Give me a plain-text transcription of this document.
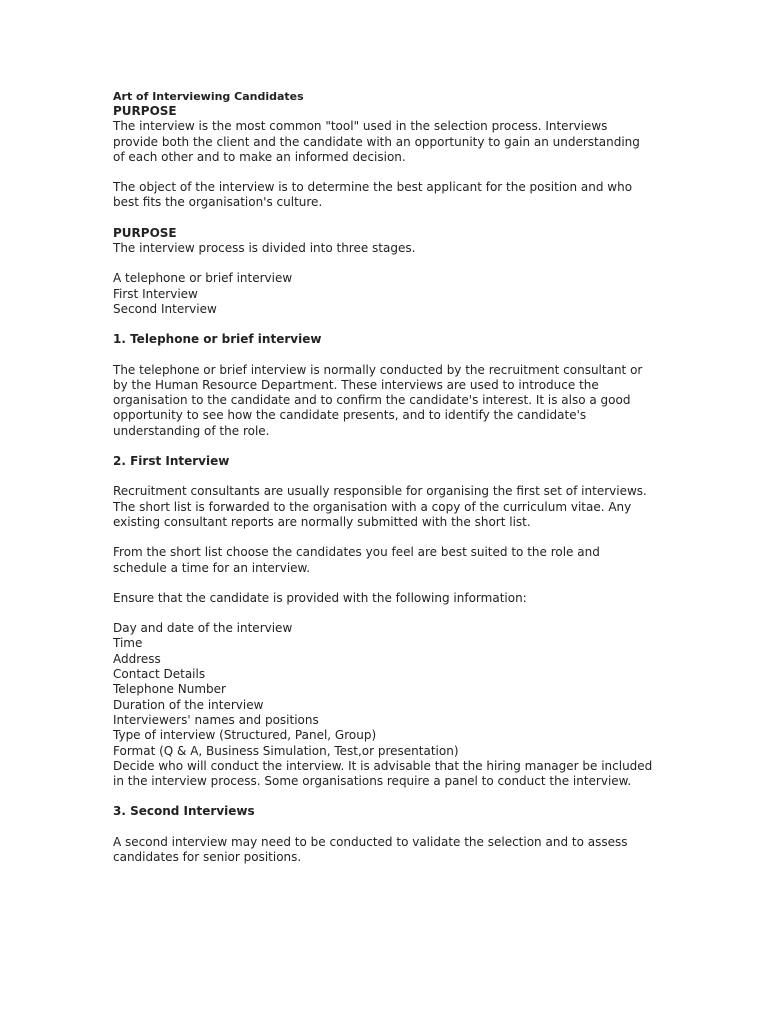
Art of Interviewing Candidates

PURPOSE

The interview is the most common "tool" used in the selection process. Interviews provide both the client and the candidate with an opportunity to gain an understanding of each other and to make an informed decision.

The object of the interview is to determine the best applicant for the position and who best fits the organisation's culture.

PURPOSE

The interview process is divided into three stages.

A telephone or brief interview
First Interview
Second Interview

1. Telephone or brief interview

The telephone or brief interview is normally conducted by the recruitment consultant or by the Human Resource Department. These interviews are used to introduce the organisation to the candidate and to confirm the candidate's interest. It is also a good opportunity to see how the candidate presents, and to identify the candidate's understanding of the role.

2. First Interview

Recruitment consultants are usually responsible for organising the first set of interviews. The short list is forwarded to the organisation with a copy of the curriculum vitae. Any existing consultant reports are normally submitted with the short list.

From the short list choose the candidates you feel are best suited to the role and schedule a time for an interview.

Ensure that the candidate is provided with the following information:

Day and date of the interview
Time
Address
Contact Details
Telephone Number
Duration of the interview
Interviewers' names and positions
Type of interview (Structured, Panel, Group)
Format (Q & A, Business Simulation, Test,or presentation)

Decide who will conduct the interview. It is advisable that the hiring manager be included in the interview process. Some organisations require a panel to conduct the interview.

3. Second Interviews

A second interview may need to be conducted to validate the selection and to assess candidates for senior positions.
